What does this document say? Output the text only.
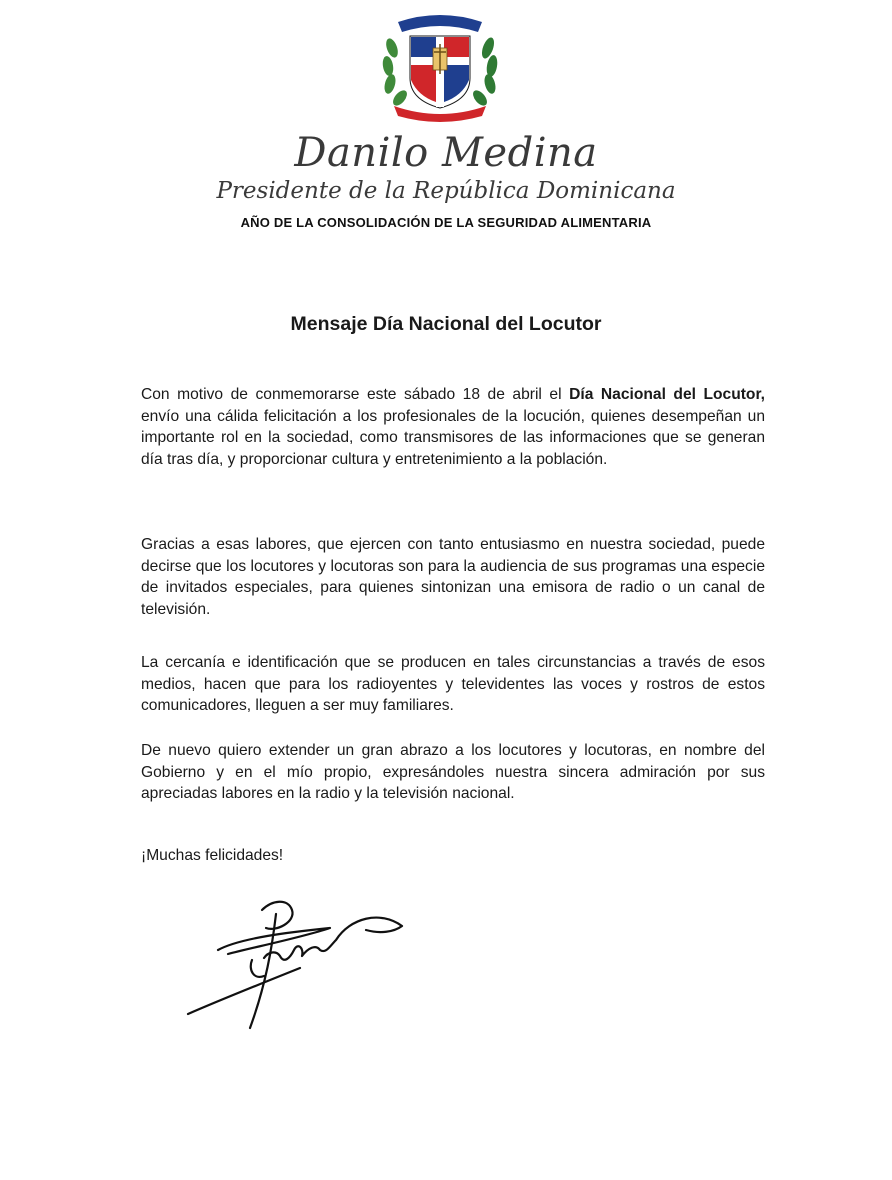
Danilo Medina
Presidente de la República Dominicana
AÑO DE LA CONSOLIDACIÓN DE LA SEGURIDAD ALIMENTARIA
Mensaje Día Nacional del Locutor

Con motivo de conmemorarse este sábado 18 de abril el Día Nacional del Locutor, envío una cálida felicitación a los profesionales de la locución, quienes desempeñan un importante rol en la sociedad, como transmisores de las informaciones que se generan día tras día, y proporcionar cultura y entretenimiento a la población.

Gracias a esas labores, que ejercen con tanto entusiasmo en nuestra sociedad, puede decirse que los locutores y locutoras son para la audiencia de sus programas una especie de invitados especiales, para quienes sintonizan una emisora de radio o un canal de televisión.

La cercanía e identificación que se producen en tales circunstancias a través de esos medios, hacen que para los radioyentes y televidentes las voces y rostros de estos comunicadores, lleguen a ser muy familiares.

De nuevo quiero extender un gran abrazo a los locutores y locutoras, en nombre del Gobierno y en el mío propio, expresándoles nuestra sincera admiración por sus apreciadas labores en la radio y la televisión nacional.

¡Muchas felicidades!
